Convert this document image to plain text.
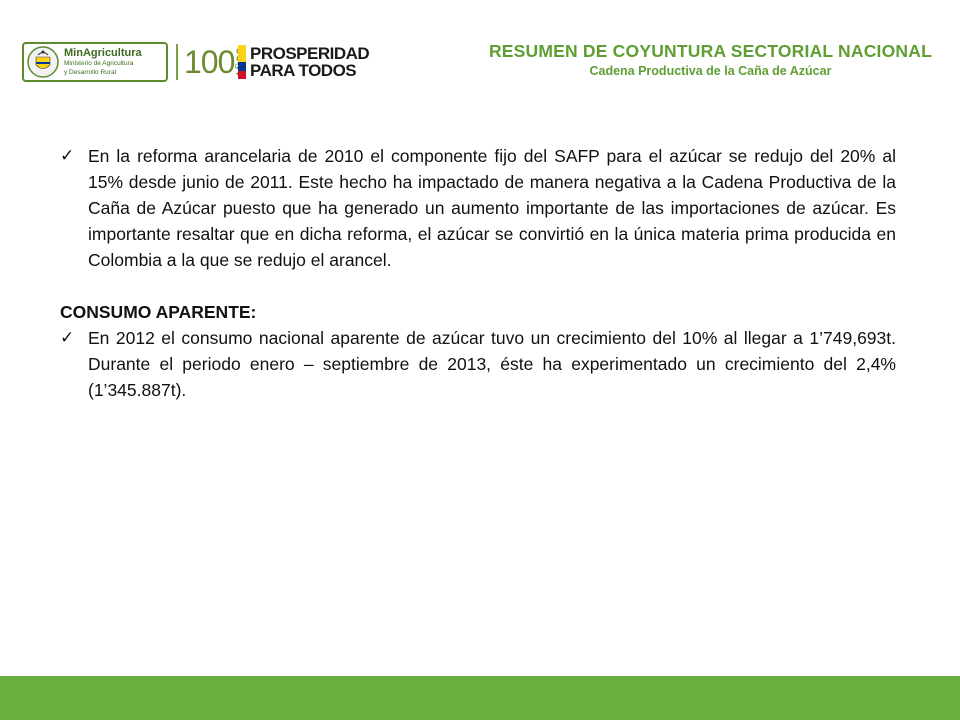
MinAgricultura
Ministerio de Agricultura
y Desarrollo Rural	100 PROSPERIDAD
PARA TODOS
RESUMEN DE COYUNTURA SECTORIAL NACIONAL
Cadena Productiva de la Caña de Azúcar
✓ En la reforma arancelaria de 2010 el componente fijo del SAFP para el azúcar se redujo del 20% al 15% desde junio de 2011. Este hecho ha impactado de manera negativa a la Cadena Productiva de la Caña de Azúcar puesto que ha generado un aumento importante de las importaciones de azúcar. Es importante resaltar que en dicha reforma, el azúcar se convirtió en la única materia prima producida en Colombia a la que se redujo el arancel.

CONSUMO APARENTE:

✓ En 2012 el consumo nacional aparente de azúcar tuvo un crecimiento del 10% al llegar a 1’749,693t. Durante el periodo enero – septiembre de 2013, éste ha experimentado un crecimiento del 2,4% (1’345.887t).
